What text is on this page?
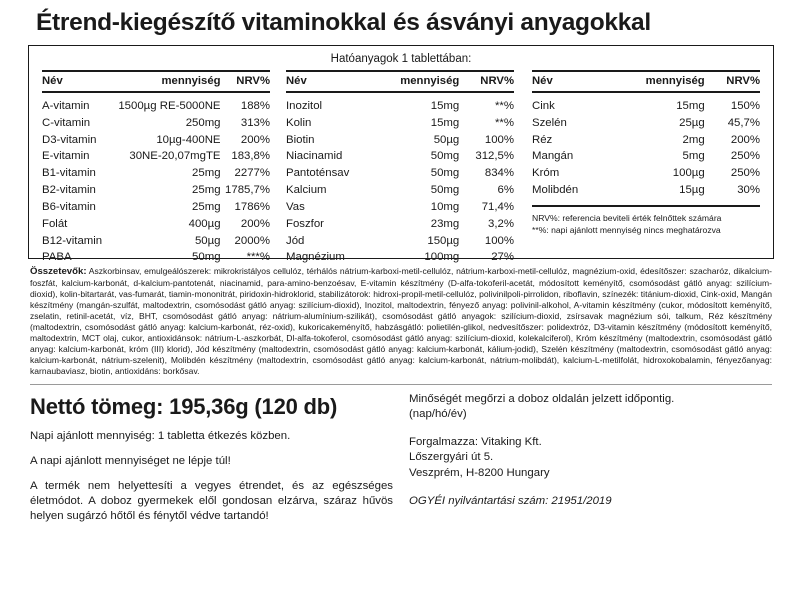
Étrend-kiegészítő vitaminokkal és ásványi anyagokkal
Hatóanyagok 1 tablettában:
Név	mennyiség	NRV%
A-vitamin	1500µg RE-5000NE	188%
C-vitamin	250mg	313%
D3-vitamin	10µg-400NE	200%
E-vitamin	30NE-20,07mgTE	183,8%
B1-vitamin	25mg	2277%
B2-vitamin	25mg	1785,7%
B6-vitamin	25mg	1786%
Folát	400µg	200%
B12-vitamin	50µg	2000%
PABA	50mg	***%
Név	mennyiség	NRV%
Inozitol	15mg	**%
Kolin	15mg	**%
Biotin	50µg	100%
Niacinamid	50mg	312,5%
Pantoténsav	50mg	834%
Kalcium	50mg	6%
Vas	10mg	71,4%
Foszfor	23mg	3,2%
Jód	150µg	100%
Magnézium	100mg	27%
Név	mennyiség	NRV%
Cink	15mg	150%
Szelén	25µg	45,7%
Réz	2mg	200%
Mangán	5mg	250%
Króm	100µg	250%
Molibdén	15µg	30%
NRV%: referencia beviteli érték felnőttek számára
**%: napi ajánlott mennyiség nincs meghatározva

Összetevők: Aszkorbinsav, emulgeálószerek: mikrokristályos cellulóz, térhálós nátrium-karboxi-metil-cellulóz, nátrium-karboxi-metil-cellulóz, magnézium-oxid, édesítőszer: szacharóz, dikalcium-foszfát, kalcium-karbonát, d-kalcium-pantotenát, niacinamid, para-amino-benzoésav, E-vitamin készítmény (D-alfa-tokoferil-acetát, módosított keményítő, csomósodást gátló anyag: szilícium-dioxid), kolin-bitartarát, vas-fumarát, tiamin-mononitrát, piridoxin-hidroklorid, stabilizátorok: hidroxi-propil-metil-cellulóz, polivinilpoli-pirrolidon, riboflavin, színezék: titánium-dioxid, Cink-oxid, Mangán készítmény (mangán-szulfát, maltodextrin, csomósodást gátló anyag: szilícium-dioxid), Inozitol, maltodextrin, fényező anyag: polivinil-alkohol, A-vitamin készítmény (cukor, módosított keményítő, zselatin, retinil-acetát, víz, BHT, csomósodást gátló anyag: nátrium-alumínium-szilikát), csomósodást gátló anyagok: szilícium-dioxid, zsírsavak magnézium sói, talkum, Réz készítmény (maltodextrin, csomósodást gátló anyag: kalcium-karbonát, réz-oxid), kukoricakeményítő, habzásgátló: polietilén-glikol, nedvesítőszer: polidextróz, D3-vitamin készítmény (módosított keményítő, maltodextrin, MCT olaj, cukor, antioxidánsok: nátrium-L-aszkorbát, Dl-alfa-tokoferol, csomósodást gátló anyag: szilícium-dioxid, kolekalciferol), Króm készítmény (maltodextrin, csomósodást gátló anyag: kalcium-karbonát, króm (III) klorid), Jód készítmény (maltodextrin, csomósodást gátló anyag: kalcium-karbonát, kálium-jodid), Szelén készítmény (maltodextrin, csomósodást gátló anyag: kalcium-karbonát, nátrium-szelenit), Molibdén készítmény (maltodextrin, csomósodást gátló anyag: kalcium-karbonát, nátrium-molibdát), kalcium-L-metilfolát, hidroxokobalamin, fényezőanyag: karnaubaviasz, biotin, antioxidáns: borkősav.

Nettó tömeg: 195,36g (120 db)

Napi ajánlott mennyiség: 1 tabletta étkezés közben.

A napi ajánlott mennyiséget ne lépje túl!

A termék nem helyettesíti a vegyes étrendet, és az egészséges életmódot. A doboz gyermekek elől gondosan elzárva, száraz hűvös helyen sugárzó hőtől és fénytől védve tartandó!

Minőségét megőrzi a doboz oldalán jelzett időpontig.

(nap/hó/év)

Forgalmazza: Vitaking Kft.

Lőszergyári út 5.

Veszprém, H-8200 Hungary

OGYÉI nyilvántartási szám: 21951/2019
